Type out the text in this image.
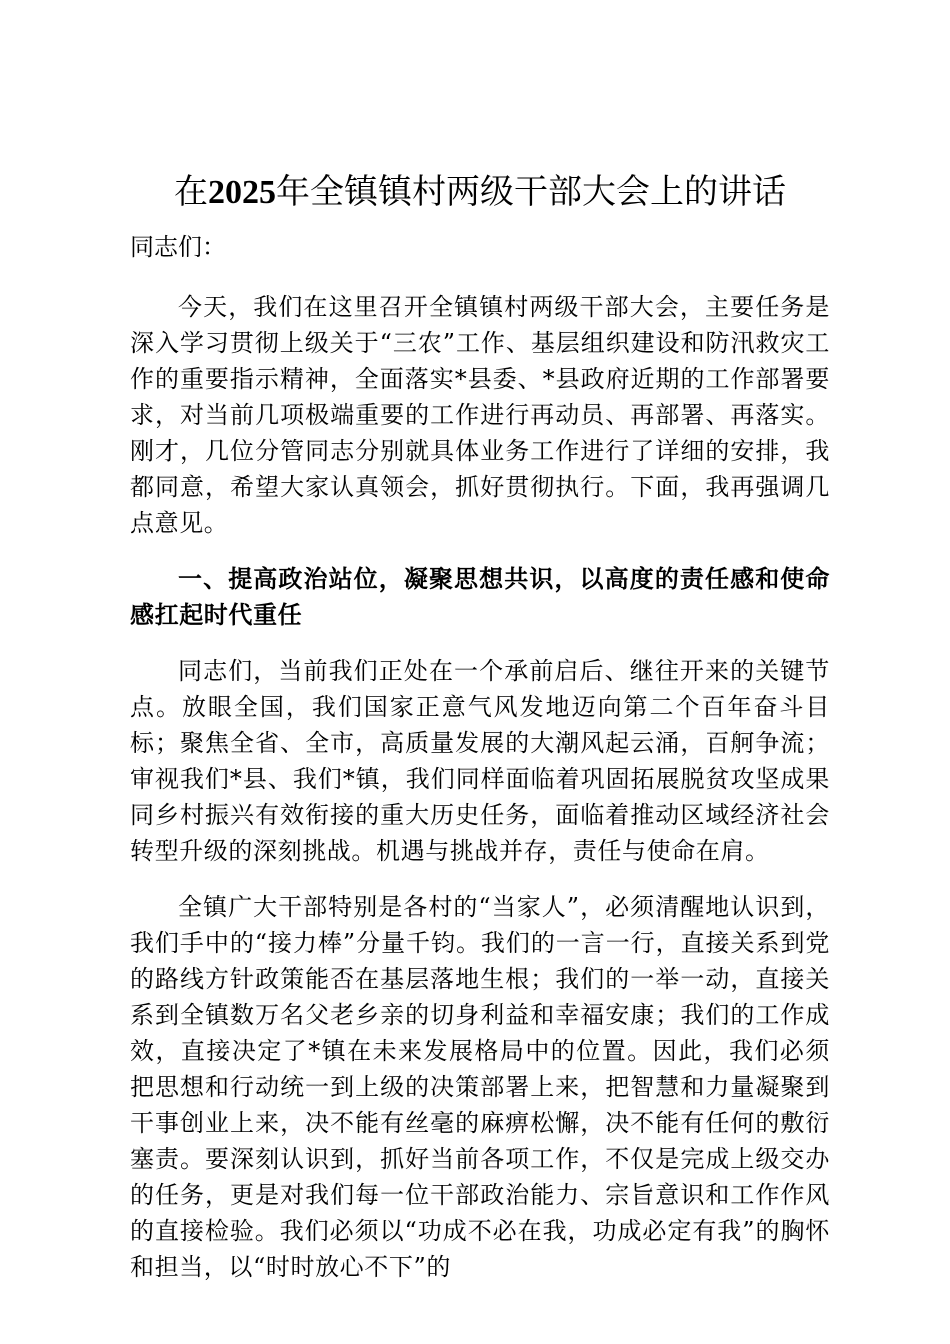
在2025年全镇镇村两级干部大会上的讲话

同志们：

今天，我们在这里召开全镇镇村两级干部大会，主要任务是深入学习贯彻上级关于“三农”工作、基层组织建设和防汛救灾工作的重要指示精神，全面落实*县委、*县政府近期的工作部署要求，对当前几项极端重要的工作进行再动员、再部署、再落实。刚才，几位分管同志分别就具体业务工作进行了详细的安排，我都同意，希望大家认真领会，抓好贯彻执行。下面，我再强调几点意见。

一、提高政治站位，凝聚思想共识，以高度的责任感和使命感扛起时代重任

同志们，当前我们正处在一个承前启后、继往开来的关键节点。放眼全国，我们国家正意气风发地迈向第二个百年奋斗目标；聚焦全省、全市，高质量发展的大潮风起云涌，百舸争流；审视我们*县、我们*镇，我们同样面临着巩固拓展脱贫攻坚成果同乡村振兴有效衔接的重大历史任务，面临着推动区域经济社会转型升级的深刻挑战。机遇与挑战并存，责任与使命在肩。

全镇广大干部特别是各村的“当家人”，必须清醒地认识到，我们手中的“接力棒”分量千钧。我们的一言一行，直接关系到党的路线方针政策能否在基层落地生根；我们的一举一动，直接关系到全镇数万名父老乡亲的切身利益和幸福安康；我们的工作成效，直接决定了*镇在未来发展格局中的位置。因此，我们必须把思想和行动统一到上级的决策部署上来，把智慧和力量凝聚到干事创业上来，决不能有丝毫的麻痹松懈，决不能有任何的敷衍塞责。要深刻认识到，抓好当前各项工作，不仅是完成上级交办的任务，更是对我们每一位干部政治能力、宗旨意识和工作作风的直接检验。我们必须以“功成不必在我，功成必定有我”的胸怀和担当，以“时时放心不下”的
